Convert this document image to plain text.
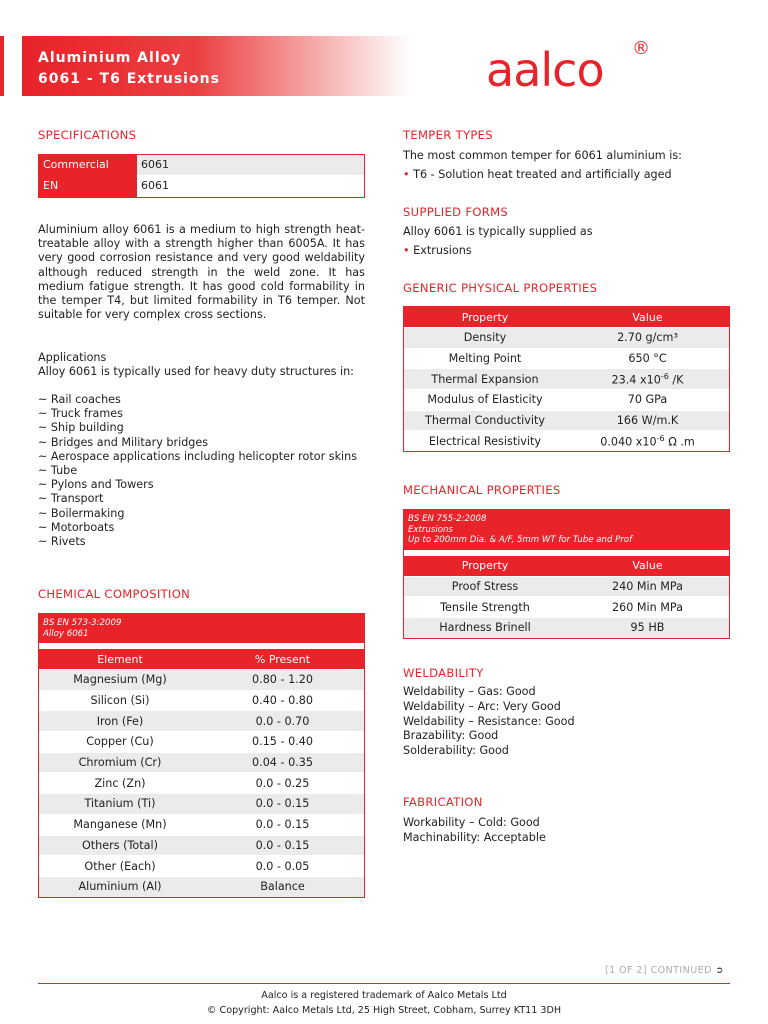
Aluminium Alloy
6061 - T6 Extrusions	aalco ®
SPECIFICATIONS
Commercial	6061
EN	6061
Aluminium alloy 6061 is a medium to high strength heat-treatable alloy with a strength higher than 6005A. It has very good corrosion resistance and very good weldability although reduced strength in the weld zone. It has medium fatigue strength. It has good cold formability in the temper T4, but limited formability in T6 temper. Not suitable for very complex cross sections.
Applications
Alloy 6061 is typically used for heavy duty structures in:
~ Rail coaches
~ Truck frames
~ Ship building
~ Bridges and Military bridges
~ Aerospace applications including helicopter rotor skins
~ Tube
~ Pylons and Towers
~ Transport
~ Boilermaking
~ Motorboats
~ Rivets
CHEMICAL COMPOSITION
BS EN 573-3:2009
Alloy 6061
Element	% Present
Magnesium (Mg)	0.80 - 1.20
Silicon (Si)	0.40 - 0.80
Iron (Fe)	0.0 - 0.70
Copper (Cu)	0.15 - 0.40
Chromium (Cr)	0.04 - 0.35
Zinc (Zn)	0.0 - 0.25
Titanium (Ti)	0.0 - 0.15
Manganese (Mn)	0.0 - 0.15
Others (Total)	0.0 - 0.15
Other (Each)	0.0 - 0.05
Aluminium (Al)	Balance
TEMPER TYPES
The most common temper for 6061 aluminium is:
• T6 - Solution heat treated and artificially aged
SUPPLIED FORMS
Alloy 6061 is typically supplied as
• Extrusions
GENERIC PHYSICAL PROPERTIES
Property	Value
Density	2.70 g/cm³
Melting Point	650 °C
Thermal Expansion	23.4 $x10^{-6}$ /K
Modulus of Elasticity	70 GPa
Thermal Conductivity	166 W/m.K
Electrical Resistivity	0.040 $x10^{-6}$ Ω .m
MECHANICAL PROPERTIES
BS EN 755-2:2008
Extrusions
Up to 200mm Dia. & A/F, 5mm WT for Tube and Prof
Property	Value
Proof Stress	240 Min MPa
Tensile Strength	260 Min MPa
Hardness Brinell	95 HB
WELDABILITY
Weldability – Gas: Good
Weldability – Arc: Very Good
Weldability – Resistance: Good
Brazability: Good
Solderability: Good
FABRICATION
Workability – Cold: Good
Machinability: Acceptable
[1 OF 2] CONTINUED ➲
Aalco is a registered trademark of Aalco Metals Ltd
© Copyright: Aalco Metals Ltd, 25 High Street, Cobham, Surrey KT11 3DH
